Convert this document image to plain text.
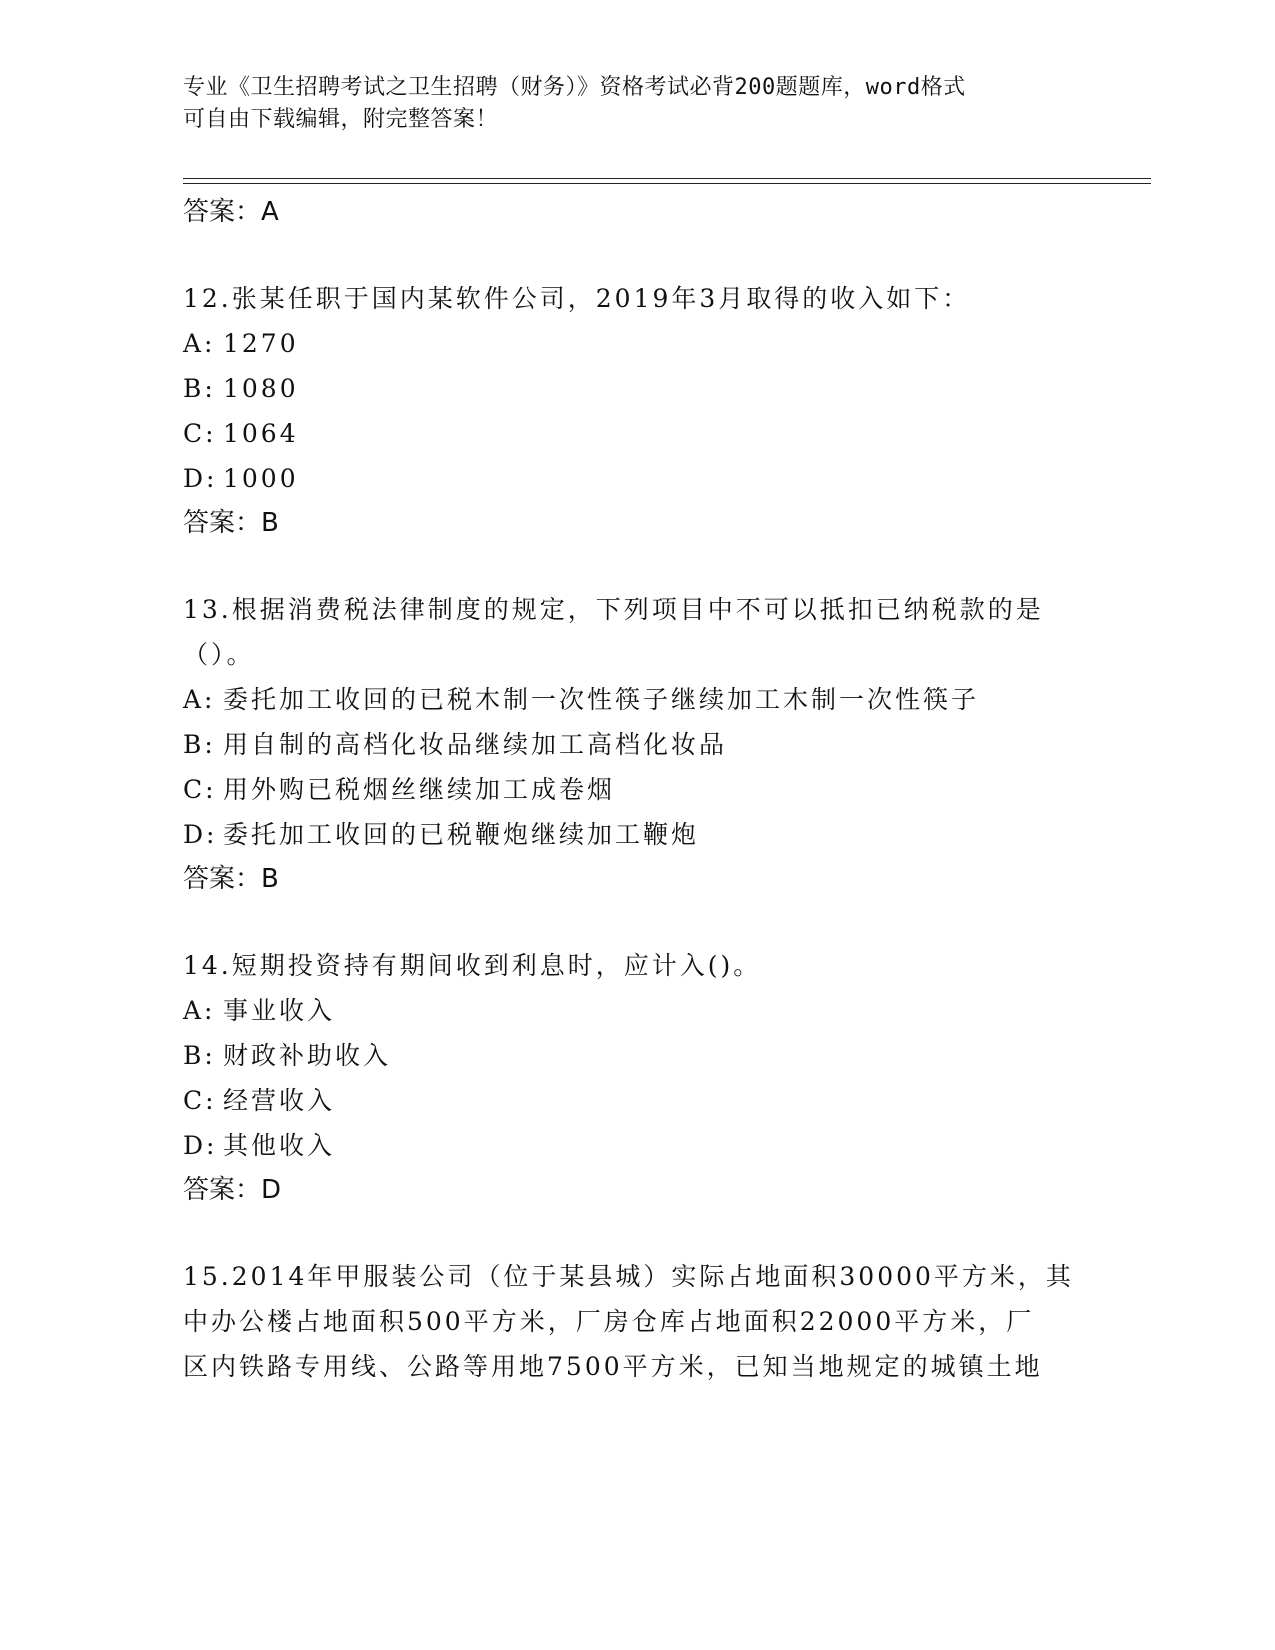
专业《卫生招聘考试之卫生招聘（财务）》资格考试必背200题题库，word格式
可自由下载编辑，附完整答案！
答案：A
12.张某任职于国内某软件公司，2019年3月取得的收入如下：
A: 1270
B: 1080
C: 1064
D: 1000
答案：B
13.根据消费税法律制度的规定，下列项目中不可以抵扣已纳税款的是
（）。
A: 委托加工收回的已税木制一次性筷子继续加工木制一次性筷子
B: 用自制的高档化妆品继续加工高档化妆品
C: 用外购已税烟丝继续加工成卷烟
D: 委托加工收回的已税鞭炮继续加工鞭炮
答案：B
14.短期投资持有期间收到利息时，应计入()。
A: 事业收入
B: 财政补助收入
C: 经营收入
D: 其他收入
答案：D
15.2014年甲服装公司（位于某县城）实际占地面积30000平方米，其
中办公楼占地面积500平方米，厂房仓库占地面积22000平方米，厂
区内铁路专用线、公路等用地7500平方米，已知当地规定的城镇土地
